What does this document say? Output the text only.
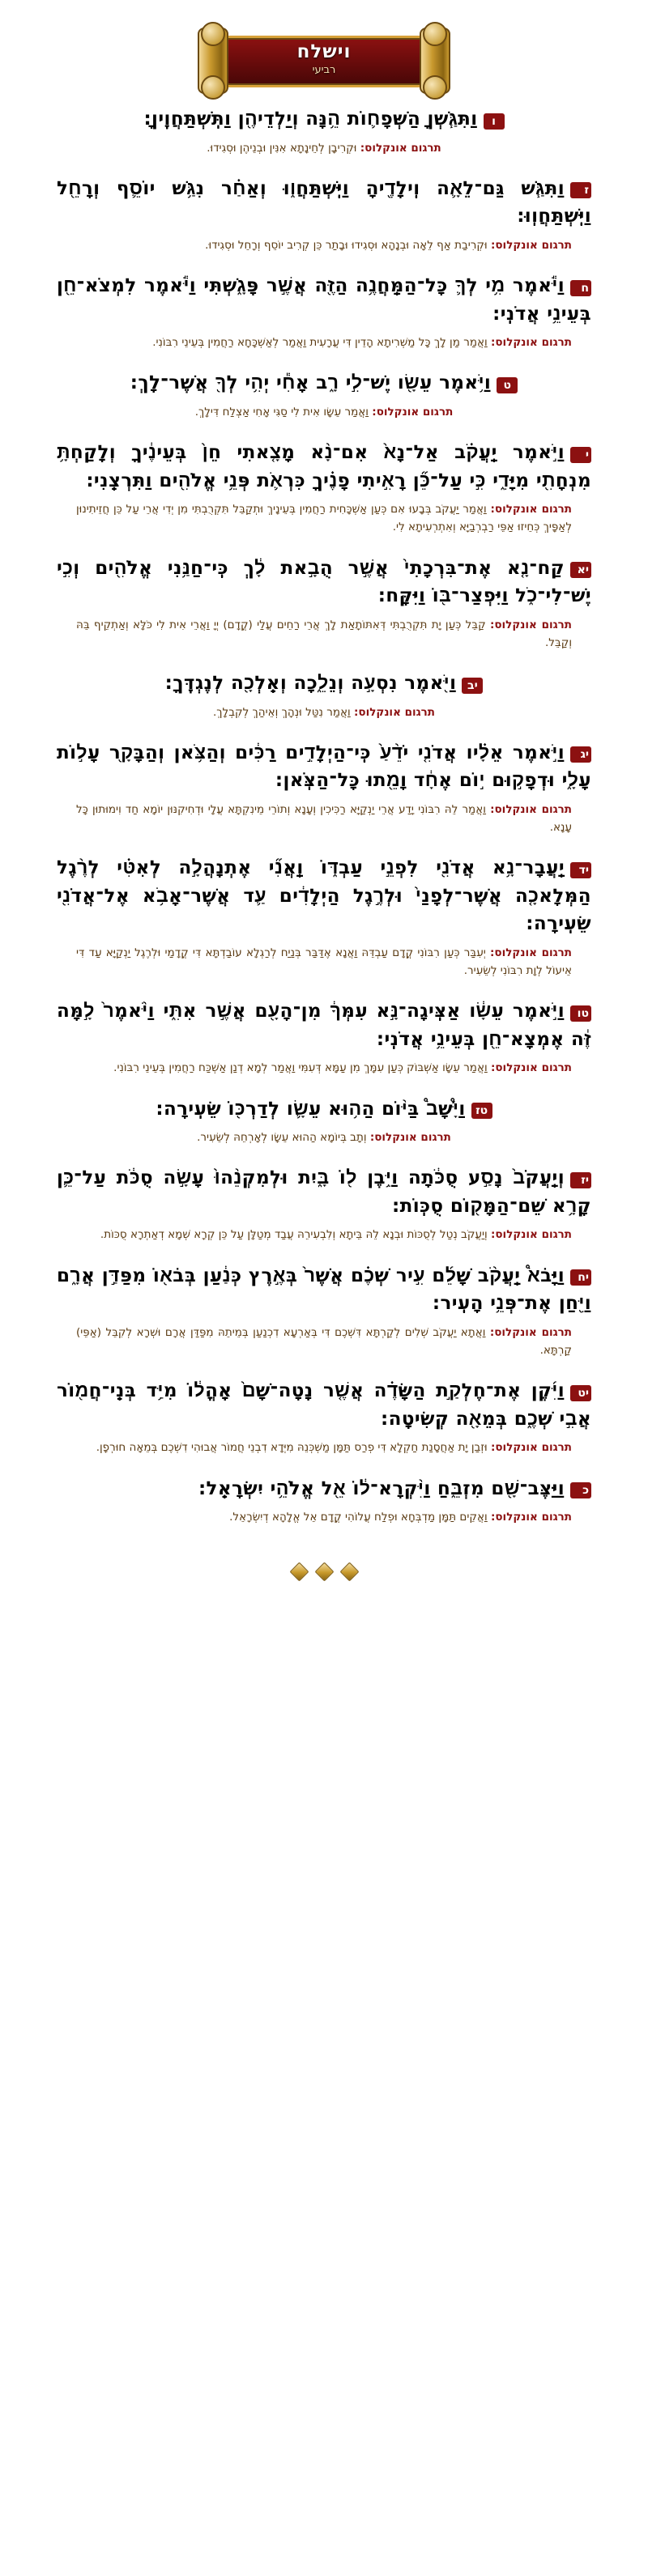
וישלח
רביעי
ווַתִּגַּ֧שְׁןָ הַשְּׁפָח֛וֹת הֵ֥נָּה וְיַלְדֵיהֶ֖ן וַתִּֽשְׁתַּחֲוֶֽיןָ:
תרגום אונקלוס: וּקְרִיבָן לְחֵינָתָא אִנִּין וּבְנֵיהֶן וּסְגִידוּ.
זוַתִּגַּ֧שׁ גַּם־לֵאָ֛ה וִֽילָדֶ֖יהָ וַיִּֽשְׁתַּחֲו֑וּ וְאַחַ֗ר נִגַּ֥שׁ יוֹסֵ֛ף וְרָחֵ֖ל וַיִּֽשְׁתַּחֲוֽוּ:
תרגום אונקלוס: וּקְרִיבַת אַף לֵאָה וּבְנָהָא וּסְגִידוּ וּבָתַר כֵּן קְרִיב יוֹסֵף וְרָחֵל וּסְגִידוּ.
חוַיֹּ֕אמֶר מִ֥י לְךָ֛ כָּל־הַמַּֽחֲנֶ֥ה הַזֶּ֖ה אֲשֶׁ֣ר פָּגָ֑שְׁתִּי וַיֹּ֕אמֶר לִמְצֹא־חֵ֖ן בְּעֵינֵ֥י אֲדֹנִֽי:
תרגום אונקלוס: וַאֲמַר מַן לָךְ כָּל מַשְׁרִיתָא הָדֵין דִּי עֲרָעִית וַאֲמַר לְאַשְׁכָּחָא רַחֲמִין בְּעֵינֵי רִבּוֹנִי.
טוַיֹּ֥אמֶר עֵשָׂ֖ו יֶשׁ־לִ֣י רָ֑ב אָחִ֕י יְהִ֥י לְךָ֖ אֲשֶׁר־לָֽךְ:
תרגום אונקלוס: וַאֲמַר עֵשָׂו אִית לִי סַגִּי אָחִי אַצְלַח דִּילָךְ.
יוַיֹּ֣אמֶר יַֽעֲקֹ֗ב אַל־נָא֙ אִם־נָ֨א מָצָ֤אתִי חֵן֙ בְּעֵינֶ֔יךָ וְלָֽקַחְתָּ֥ מִנְחָתִ֖י מִיָּדִ֑י כִּ֣י עַל־כֵּ֞ן רָאִ֣יתִי פָנֶ֗יךָ כִּרְאֹ֛ת פְּנֵ֥י אֱלֹהִ֖ים וַתִּרְצֵֽנִי:
תרגום אונקלוס: וַאֲמַר יַעֲקֹב בְּבָעוּ אִם כְּעַן אַשְׁכָּחִית רַחֲמִין בְּעֵינָיךְ וּתְקַבֵּל תִּקְרֻבְתִּי מִן יְדִי אֲרֵי עַל כֵּן חֲזֵיתִינוּן לְאַפָּיךְ כְּחֵיזוּ אַפֵּי רַבְרְבַיָּא וְאִתְרְעִיתָא לִי.
יאקַח־נָ֤א אֶת־בִּרְכָתִי֙ אֲשֶׁ֣ר הֻבָ֣את לָ֔ךְ כִּֽי־חַנַּ֥נִי אֱלֹהִ֖ים וְכִ֣י יֶשׁ־לִי־כֹ֑ל וַיִּפְצַר־בּ֖וֹ וַיִּקָּֽח:
תרגום אונקלוס: קַבֵּל כְּעַן יָת תִּקְרֻבְתִּי דְּאִתּוֹתָאַת לָךְ אֲרֵי רַחֵים עֲלַי (קֳדָם) יְיָ וַאֲרֵי אִית לִי כֹּלָּא וְאַתְקֵיף בֵּהּ וְקַבֵּל.
יבוַיֹּ֖אמֶר נִסְעָ֣ה וְנֵלֵ֑כָה וְאֵֽלְכָ֖ה לְנֶגְדֶּֽךָ:
תרגום אונקלוס: וַאֲמַר נִטַּל וּנְהָךְ וְאֵיהַךְ לְקִבְלָךְ.
יגוַיֹּ֣אמֶר אֵלָ֗יו אֲדֹנִ֤י יֹדֵ֨עַ֙ כִּֽי־הַיְלָדִ֣ים רַכִּ֔ים וְהַצֹּ֥אן וְהַבָּקָ֖ר עָל֣וֹת עָלָ֑י וּדְפָק֣וּם י֣וֹם אֶחָ֔ד וָמֵ֖תוּ כָּל־הַצֹּֽאן:
תרגום אונקלוס: וַאֲמַר לֵהּ רִבּוֹנִי יָדַע אֲרֵי יַנְקַיָּא רַכִּיכִין וְעָנָא וְתוֹרֵי מֵינִקְתָּא עֲלָי וּדְחִיקִנּוּן יוֹמָא חַד וִימוּתוּן כָּל עָנָא.
ידיַֽעֲבָר־נָ֥א אֲדֹנִ֖י לִפְנֵ֣י עַבְדּ֑וֹ וַֽאֲנִ֞י אֶתְנָֽהֲלָ֣ה לְאִטִּ֗י לְרֶ֨גֶל הַמְּלָאכָ֤ה אֲשֶׁר־לְפָנַי֙ וּלְרֶ֣גֶל הַיְלָדִ֔ים עַ֛ד אֲשֶׁר־אָבֹ֥א אֶל־אֲדֹנִ֖י שֵׂעִֽירָה:
תרגום אונקלוס: יְעִבַּר כְּעַן רִבּוֹנִי קֳדָם עַבְדֵּהּ וַאֲנָא אֶדַּבַּר בְּנַיַח לְרַגְלָא עוֹבַדְתָּא דִּי קֳדָמַי וּלְרֶגֶל יַנְקַיָּא עַד דִּי אֵיעוֹל לְוָת רִבּוֹנִי לְשֵׂעִיר.
טווַיֹּ֣אמֶר עֵשָׂ֔ו אַצִּֽיגָה־נָּ֣א עִמְּךָ֔ מִן־הָעָ֖ם אֲשֶׁ֣ר אִתִּ֑י וַיֹּ֨אמֶר֙ לָ֣מָּה זֶּ֔ה אֶמְצָא־חֵ֖ן בְּעֵינֵ֥י אֲדֹנִֽי:
תרגום אונקלוס: וַאֲמַר עֵשָׂו אַשְׁבּוֹק כְּעַן עִמָּךְ מִן עַמָּא דְּעִמִּי וַאֲמַר לְמָא דְנַן אַשְׁכַּח רַחֲמִין בְּעֵינֵי רִבּוֹנִי.
טזוַיָּ֩שָׁב֩ בַּיּ֨וֹם הַה֥וּא עֵשָׂ֛ו לְדַרְכּ֖וֹ שֵׂעִֽירָה:
תרגום אונקלוס: וְתָב בְּיוֹמָא הַהוּא עֵשָׂו לְאָרְחֵהּ לְשֵׂעִיר.
יזוְיַֽעֲקֹב֙ נָסַ֣ע סֻכֹּ֔תָה וַיִּ֥בֶן ל֖וֹ בָּ֑יִת וּלְמִקְנֵ֨הוּ֙ עָשָׂ֣ה סֻכֹּ֔ת עַל־כֵּ֛ן קָרָ֥א שֵׁם־הַמָּק֖וֹם סֻכּֽוֹת:
תרגום אונקלוס: וְיַעֲקֹב נְטַל לְסֻכּוֹת וּבְנָא לֵהּ בֵּיתָא וְלִבְעִירֵהּ עֲבַד מְטַלָּן עַל כֵּן קְרָא שְׁמָא דְאַתְרָא סֻכּוֹת.
יחוַיָּבֹא֩ יַֽעֲקֹ֨ב שָׁלֵ֜ם עִ֣יר שְׁכֶ֗ם אֲשֶׁר֙ בְּאֶ֣רֶץ כְּנַ֔עַן בְּבֹא֖וֹ מִפַּדַּ֣ן אֲרָ֑ם וַיִּ֖חַן אֶת־פְּנֵ֥י הָעִֽיר:
תרגום אונקלוס: וַאֲתָא יַעֲקֹב שְׁלִים לְקַרְתָּא דִּשְׁכֶם דִּי בְּאַרְעָא דִכְנַעַן בְּמֵיתֵהּ מִפַּדַּן אֲרָם וּשְׁרָא לְקִבֵּל (אַפֵּי) קַרְתָּא.
יטוַיִּ֜קֶן אֶת־חֶלְקַ֣ת הַשָּׂדֶ֗ה אֲשֶׁ֤ר נָֽטָה־שָׁם֙ אָֽהֳל֔וֹ מִיַּ֥ד בְּנֵֽי־חֲמ֖וֹר אֲבִ֣י שְׁכֶ֑ם בְּמֵאָ֖ה קְשִׂיטָֽה:
תרגום אונקלוס: וּזְבַן יָת אַחֲסָנַת חַקְלָא דִּי פְרַס תַּמָּן מַשְׁכְּנֵהּ מִיְּדָא דִבְנֵי חֲמוֹר אֲבוּהִי דִשְׁכֶם בְּמֵאָה חוּרְפָן.
כוַיַּצֶּב־שָׁ֖ם מִזְבֵּ֑חַ וַיִּ֨קְרָא־ל֔וֹ אֵ֖ל אֱלֹהֵ֥י יִשְׂרָאֵֽל:
תרגום אונקלוס: וַאֲקֵים תַּמָּן מַדְבְּחָא וּפְלַח עֲלוֹהִי קֳדָם אֵל אֱלָהָא דְיִשְׂרָאֵל.
